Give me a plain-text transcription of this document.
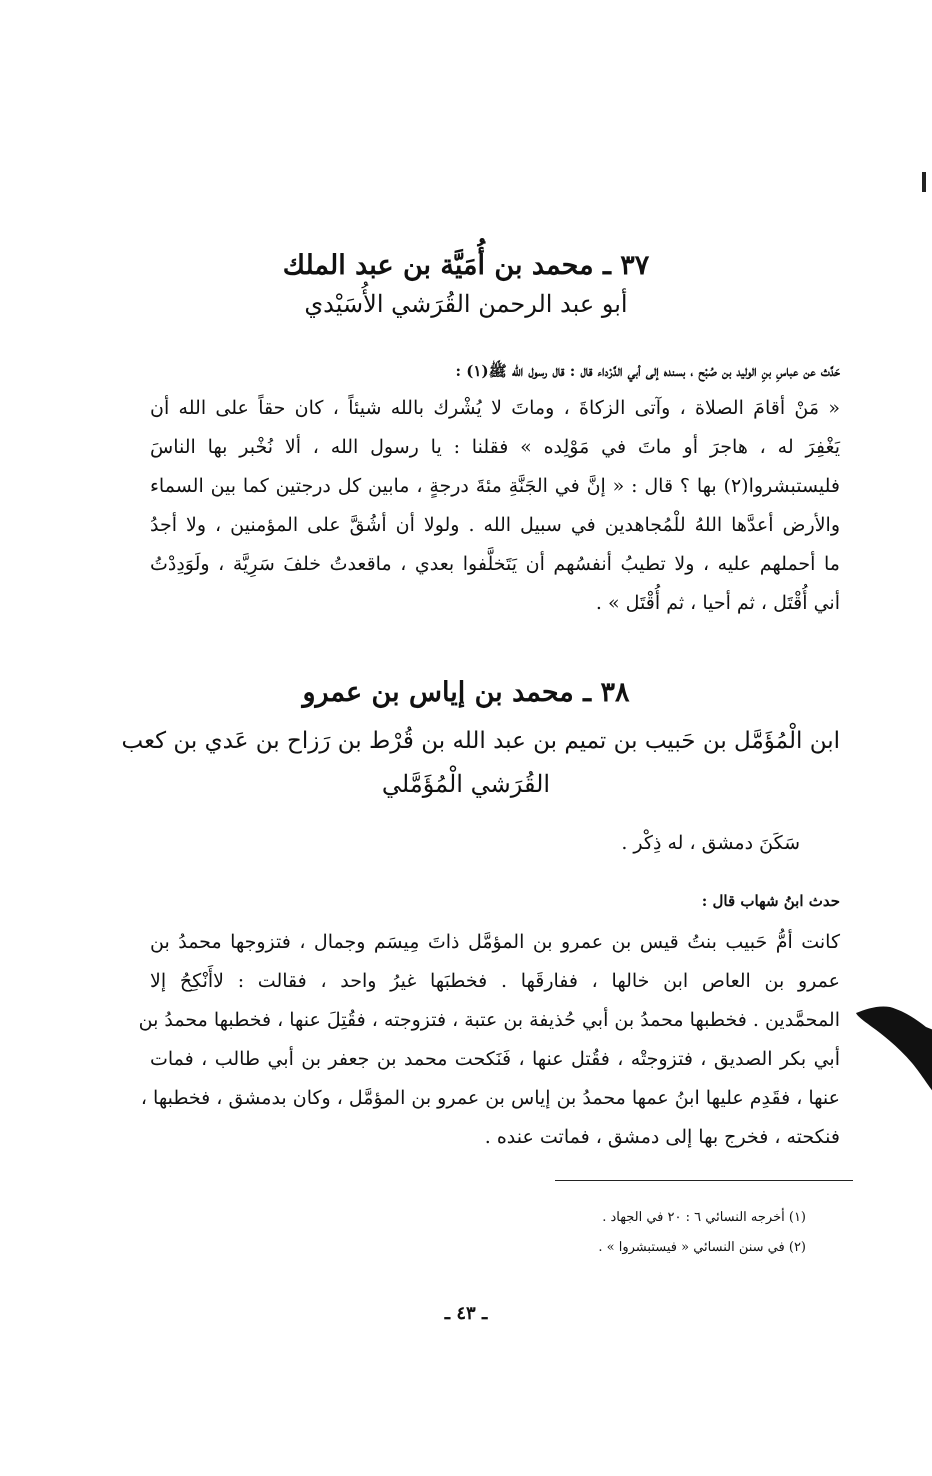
٣٧ ـ محمد بن أُمَيَّة بن عبد الملك
أبو عبد الرحمن القُرَشي الأُسَيْدي
حَدَّث عن عباسِ بنِ الوليد بن صُبْح ، بسنده إلى أبي الدَّرْداء قال : قال رسول الله ﷺ(١) :
« مَنْ أقامَ الصلاة ، وآتى الزكاةَ ، وماتَ لا يُشْرك بالله شيئاً ، كان حقاً على الله أن
يَغْفِرَ له ، هاجرَ أو ماتَ في مَوْلِده » فقلنا : يا رسول الله ، ألا نُخْبر بها الناسَ
فليستبشروا(٢) بها ؟ قال : « إنَّ في الجَنَّةِ مئةَ درجةٍ ، مابين كل درجتين كما بين السماء
والأرض أعدَّها اللهُ للْمُجاهدين في سبيل الله . ولولا أن أشُقَّ على المؤمنين ، ولا أجدُ
ما أحملهم عليه ، ولا تطيبُ أنفسُهم أن يَتَخلَّفوا بعدي ، ماقعدتُ خلفَ سَرِيَّة ، ولَوَدِدْتُ
أني أُقْتَل ، ثم أحيا ، ثم أُقْتَل » .
٣٨ ـ محمد بن إياس بن عمرو
ابن الْمُؤَمَّل بن حَبيب بن تميم بن عبد الله بن قُرْط بن رَزاح بن عَدي بن كعب
القُرَشي الْمُؤَمَّلي
سَكَنَ دمشق ، له ذِكْر .
حدث ابنُ شهاب قال :
كانت أمُّ حَبيب بنتُ قيس بن عمرو بن المؤمَّل ذاتَ مِيسَم وجمال ، فتزوجها محمدُ بن
عمرو بن العاص ابن خالها ، ففارقَها . فخطبَها غيرُ واحد ، فقالت : لاأَنْكِحُ إلا
المحمَّدين . فخطبها محمدُ بن أبي حُذيفة بن عتبة ، فتزوجته ، فقُتِلَ عنها ، فخطبها محمدُ بن
أبي بكر الصديق ، فتزوجتْه ، فقُتل عنها ، فَنَكحت محمد بن جعفر بن أبي طالب ، فمات
عنها ، فقَدِم عليها ابنُ عمها محمدُ بن إياس بن عمرو بن المؤمَّل ، وكان بدمشق ، فخطبها ،
فنكحته ، فخرج بها إلى دمشق ، فماتت عنده .
(١) أخرجه النسائي ٦ : ٢٠ في الجهاد .
(٢) في سنن النسائي « فيستبشروا » .
ـ ٤٣ ـ
